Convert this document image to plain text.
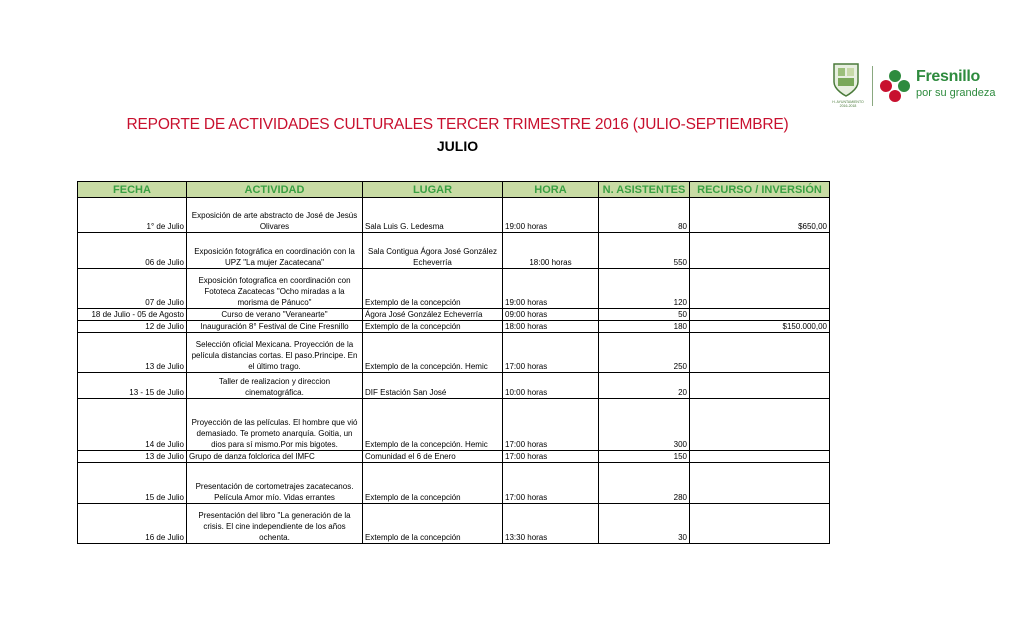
H. AYUNTAMIENTO 2016-2018
Fresnillo
por su grandeza
REPORTE DE ACTIVIDADES CULTURALES TERCER TRIMESTRE 2016 (JULIO-SEPTIEMBRE)
JULIO
FECHA	ACTIVIDAD	LUGAR	HORA	N. ASISTENTES	RECURSO / INVERSIÓN
1° de Julio	Exposición de arte abstracto de José de Jesús Olivares	Sala Luis G. Ledesma	19:00 horas	80	$650,00
06 de Julio	Exposición fotográfica en coordinación con la UPZ "La mujer Zacatecana"	Sala Contigua Ágora José González Echeverría	18:00 horas	550	
07 de Julio	Exposición fotografica en coordinación con Fototeca Zacatecas "Ocho miradas a la morisma de Pánuco"	Extemplo de la concepción	19:00 horas	120	
18 de Julio - 05 de Agosto	Curso de verano "Veranearte"	Ágora José González Echeverría	09:00 horas	50	
12 de Julio	Inauguración 8° Festival de Cine Fresnillo	Extemplo de la concepción	18:00 horas	180	$150.000,00
13 de Julio	Selección oficial Mexicana. Proyección de la película distancias cortas. El paso.Principe. En el último trago.	Extemplo de la concepción. Hemic	17:00 horas	250	
13 - 15 de Julio	Taller de realizacion y direccion cinematográfica.	DIF Estación San José	10:00 horas	20	
14 de Julio	Proyección de las películas. El hombre que vió demasiado. Te prometo anarquía. Goitia, un dios para sí mismo.Por mis bigotes.	Extemplo de la concepción. Hemic	17:00 horas	300	
13 de Julio	Grupo de danza folclorica del IMFC	Comunidad el 6 de Enero	17:00 horas	150	
15 de Julio	Presentación de cortometrajes zacatecanos. Película Amor mío. Vidas errantes	Extemplo de la concepción	17:00 horas	280	
16 de Julio	Presentación del libro "La generación de la crisis. El cine independiente de los años ochenta.	Extemplo de la concepción	13:30 horas	30	
